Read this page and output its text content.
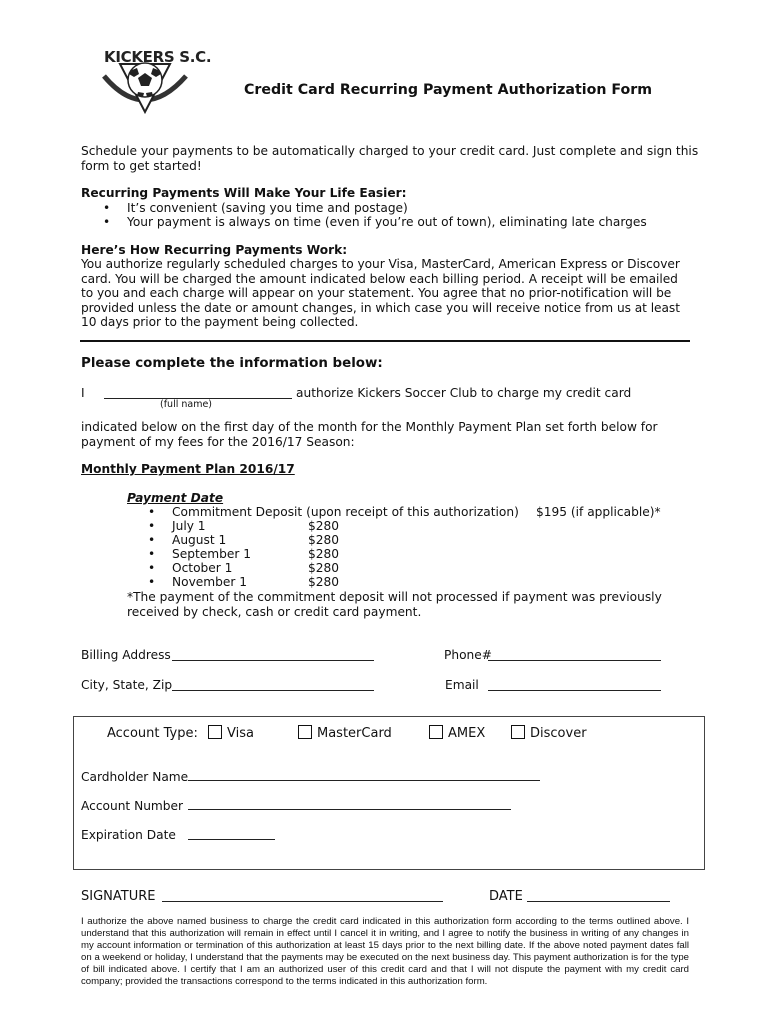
KICKERS S.C.
Credit Card Recurring Payment Authorization Form
Schedule your payments to be automatically charged to your credit card. Just complete and sign this form to get started!
Recurring Payments Will Make Your Life Easier:
• It’s convenient (saving you time and postage)
• Your payment is always on time (even if you’re out of town), eliminating late charges
Here’s How Recurring Payments Work:
You authorize regularly scheduled charges to your Visa, MasterCard, American Express or Discover card. You will be charged the amount indicated below each billing period. A receipt will be emailed to you and each charge will appear on your statement. You agree that no prior-notification will be provided unless the date or amount changes, in which case you will receive notice from us at least 10 days prior to the payment being collected.
Please complete the information below:
I	authorize Kickers Soccer Club to charge my credit card
(full name)
indicated below on the first day of the month for the Monthly Payment Plan set forth below for payment of my fees for the 2016/17 Season:
Monthly Payment Plan 2016/17
Payment Date
• Commitment Deposit (upon receipt of this authorization) $195 (if applicable)*
• July 1	$280
• August 1	$280
• September 1	$280
• October 1	$280
• November 1	$280
*The payment of the commitment deposit will not processed if payment was previously received by check, cash or credit card payment.
Billing Address	Phone#
City, State, Zip	Email
Account Type: Visa	MasterCard	AMEX	Discover
Cardholder Name
Account Number
Expiration Date
SIGNATURE	DATE
I authorize the above named business to charge the credit card indicated in this authorization form according to the terms outlined above. I understand that this authorization will remain in effect until I cancel it in writing, and I agree to notify the business in writing of any changes in my account information or termination of this authorization at least 15 days prior to the next billing date. If the above noted payment dates fall on a weekend or holiday, I understand that the payments may be executed on the next business day. This payment authorization is for the type of bill indicated above. I certify that I am an authorized user of this credit card and that I will not dispute the payment with my credit card company; provided the transactions correspond to the terms indicated in this authorization form.
